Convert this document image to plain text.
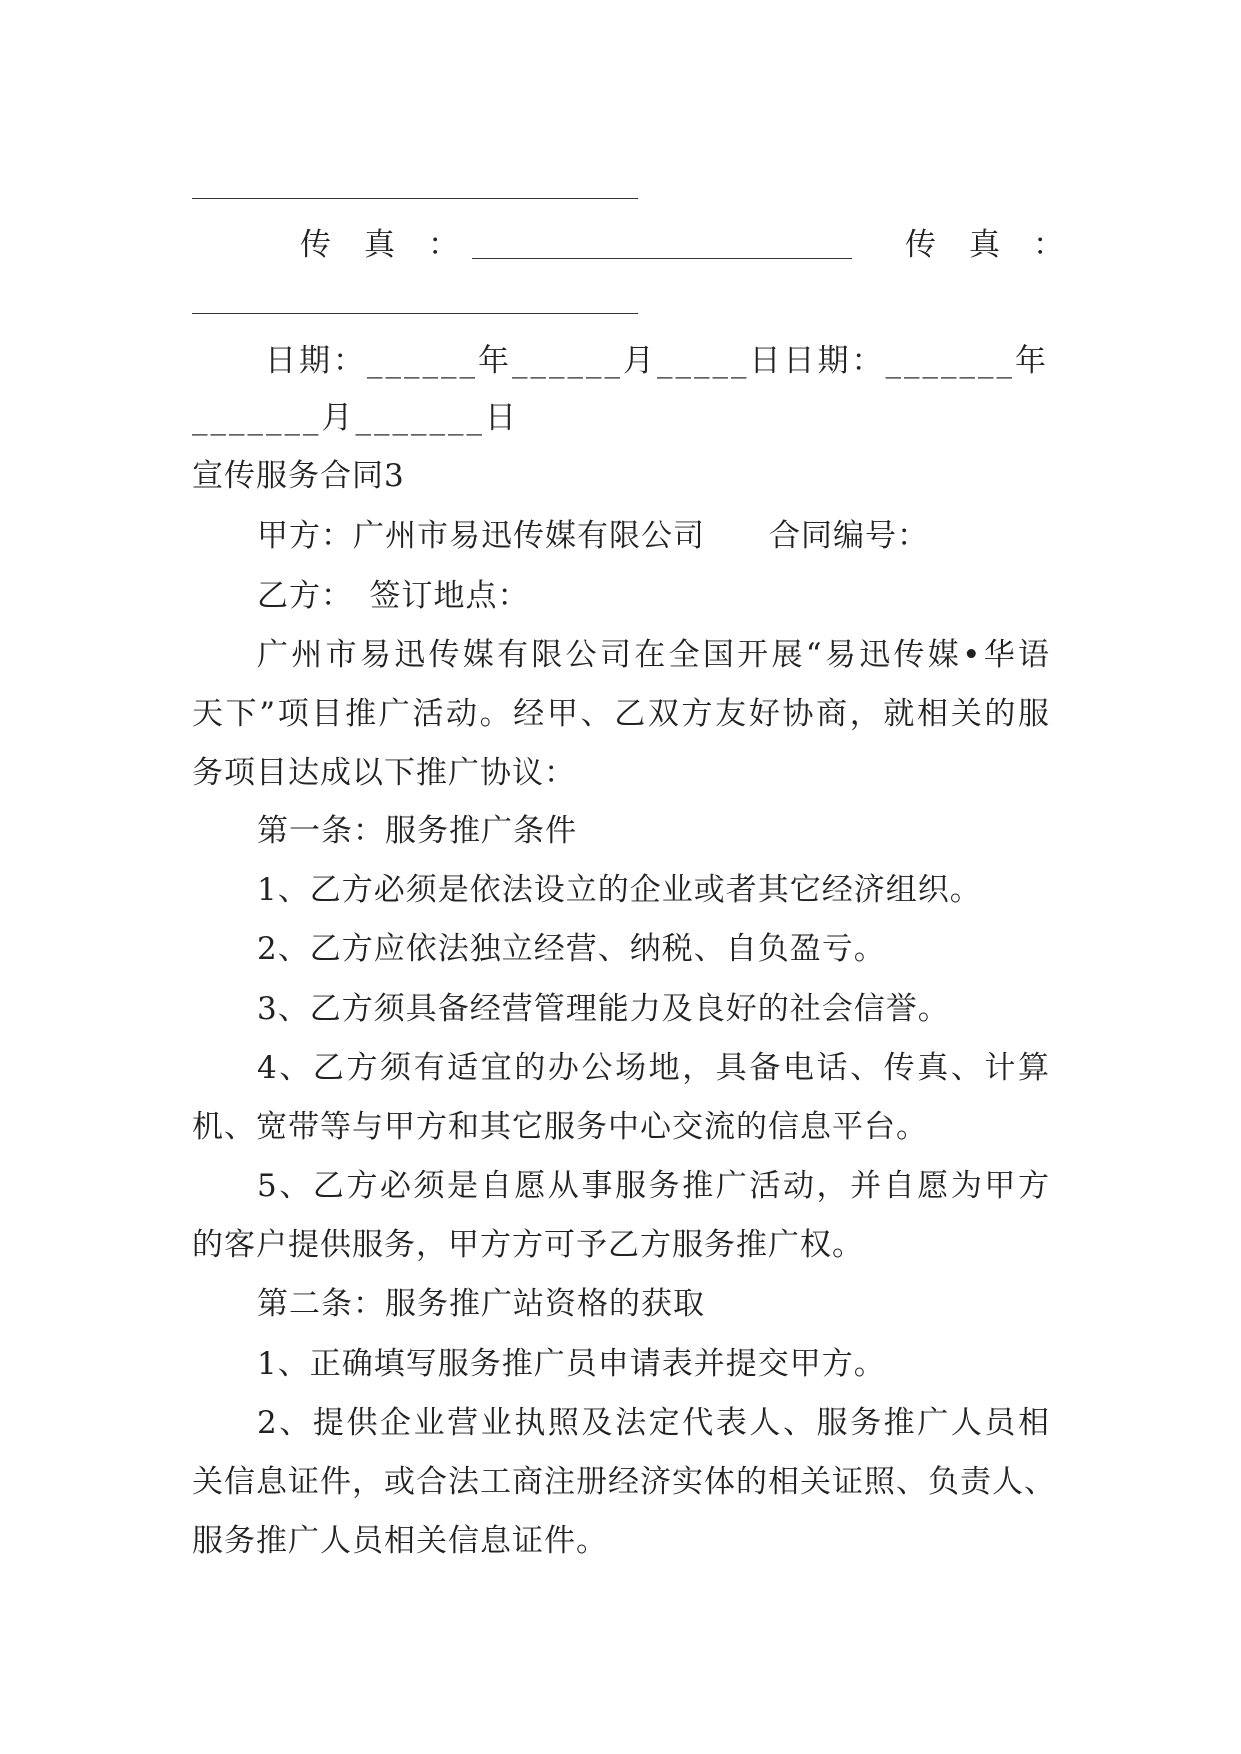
传　真　：	传　真　：
日期：______年______月_____日日期：_______年
_______月_______日
宣传服务合同3
甲方：广州市易迅传媒有限公司　　合同编号：
乙方：　签订地点：
广州市易迅传媒有限公司在全国开展“易迅传媒•华语
天下”项目推广活动。经甲、乙双方友好协商，就相关的服
务项目达成以下推广协议：
第一条：服务推广条件
1、乙方必须是依法设立的企业或者其它经济组织。
2、乙方应依法独立经营、纳税、自负盈亏。
3、乙方须具备经营管理能力及良好的社会信誉。
4、乙方须有适宜的办公场地，具备电话、传真、计算
机、宽带等与甲方和其它服务中心交流的信息平台。
5、乙方必须是自愿从事服务推广活动，并自愿为甲方
的客户提供服务，甲方方可予乙方服务推广权。
第二条：服务推广站资格的获取
1、正确填写服务推广员申请表并提交甲方。
2、提供企业营业执照及法定代表人、服务推广人员相
关信息证件，或合法工商注册经济实体的相关证照、负责人、
服务推广人员相关信息证件。
